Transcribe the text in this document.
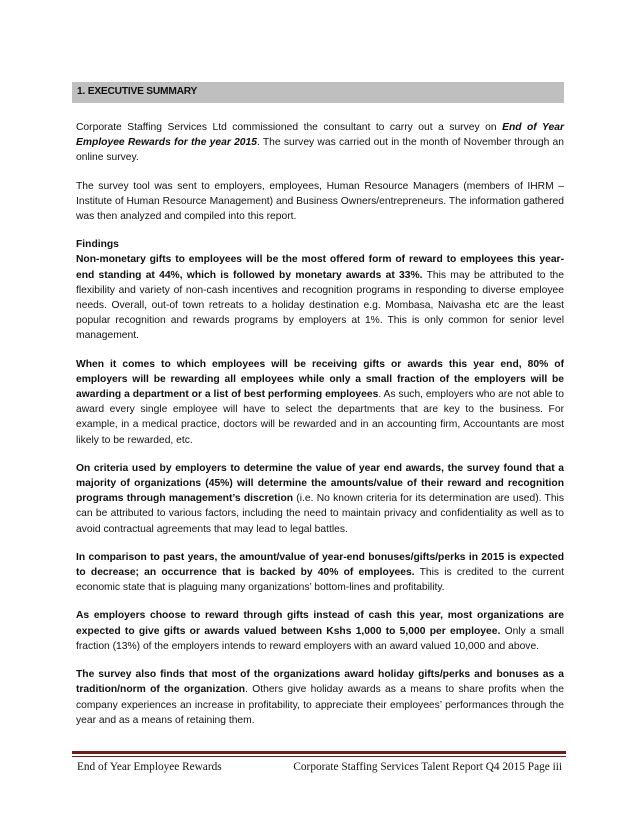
1. EXECUTIVE SUMMARY

Corporate Staffing Services Ltd commissioned the consultant to carry out a survey on End of Year Employee Rewards for the year 2015. The survey was carried out in the month of November through an online survey.

The survey tool was sent to employers, employees, Human Resource Managers (members of IHRM – Institute of Human Resource Management) and Business Owners/entrepreneurs. The information gathered was then analyzed and compiled into this report.

Findings

Non-monetary gifts to employees will be the most offered form of reward to employees this year-end standing at 44%, which is followed by monetary awards at 33%. This may be attributed to the flexibility and variety of non-cash incentives and recognition programs in responding to diverse employee needs. Overall, out-of town retreats to a holiday destination e.g. Mombasa, Naivasha etc are the least popular recognition and rewards programs by employers at 1%. This is only common for senior level management.

When it comes to which employees will be receiving gifts or awards this year end, 80% of employers will be rewarding all employees while only a small fraction of the employers will be awarding a department or a list of best performing employees. As such, employers who are not able to award every single employee will have to select the departments that are key to the business. For example, in a medical practice, doctors will be rewarded and in an accounting firm, Accountants are most likely to be rewarded, etc.

On criteria used by employers to determine the value of year end awards, the survey found that a majority of organizations (45%) will determine the amounts/value of their reward and recognition programs through management’s discretion (i.e. No known criteria for its determination are used). This can be attributed to various factors, including the need to maintain privacy and confidentiality as well as to avoid contractual agreements that may lead to legal battles.

In comparison to past years, the amount/value of year-end bonuses/gifts/perks in 2015 is expected to decrease; an occurrence that is backed by 40% of employees. This is credited to the current economic state that is plaguing many organizations’ bottom-lines and profitability.

As employers choose to reward through gifts instead of cash this year, most organizations are expected to give gifts or awards valued between Kshs 1,000 to 5,000 per employee. Only a small fraction (13%) of the employers intends to reward employers with an award valued 10,000 and above.

The survey also finds that most of the organizations award holiday gifts/perks and bonuses as a tradition/norm of the organization. Others give holiday awards as a means to share profits when the company experiences an increase in profitability, to appreciate their employees’ performances through the year and as a means of retaining them.

End of Year Employee Rewards	Corporate Staffing Services Talent Report Q4 2015 Page iii
